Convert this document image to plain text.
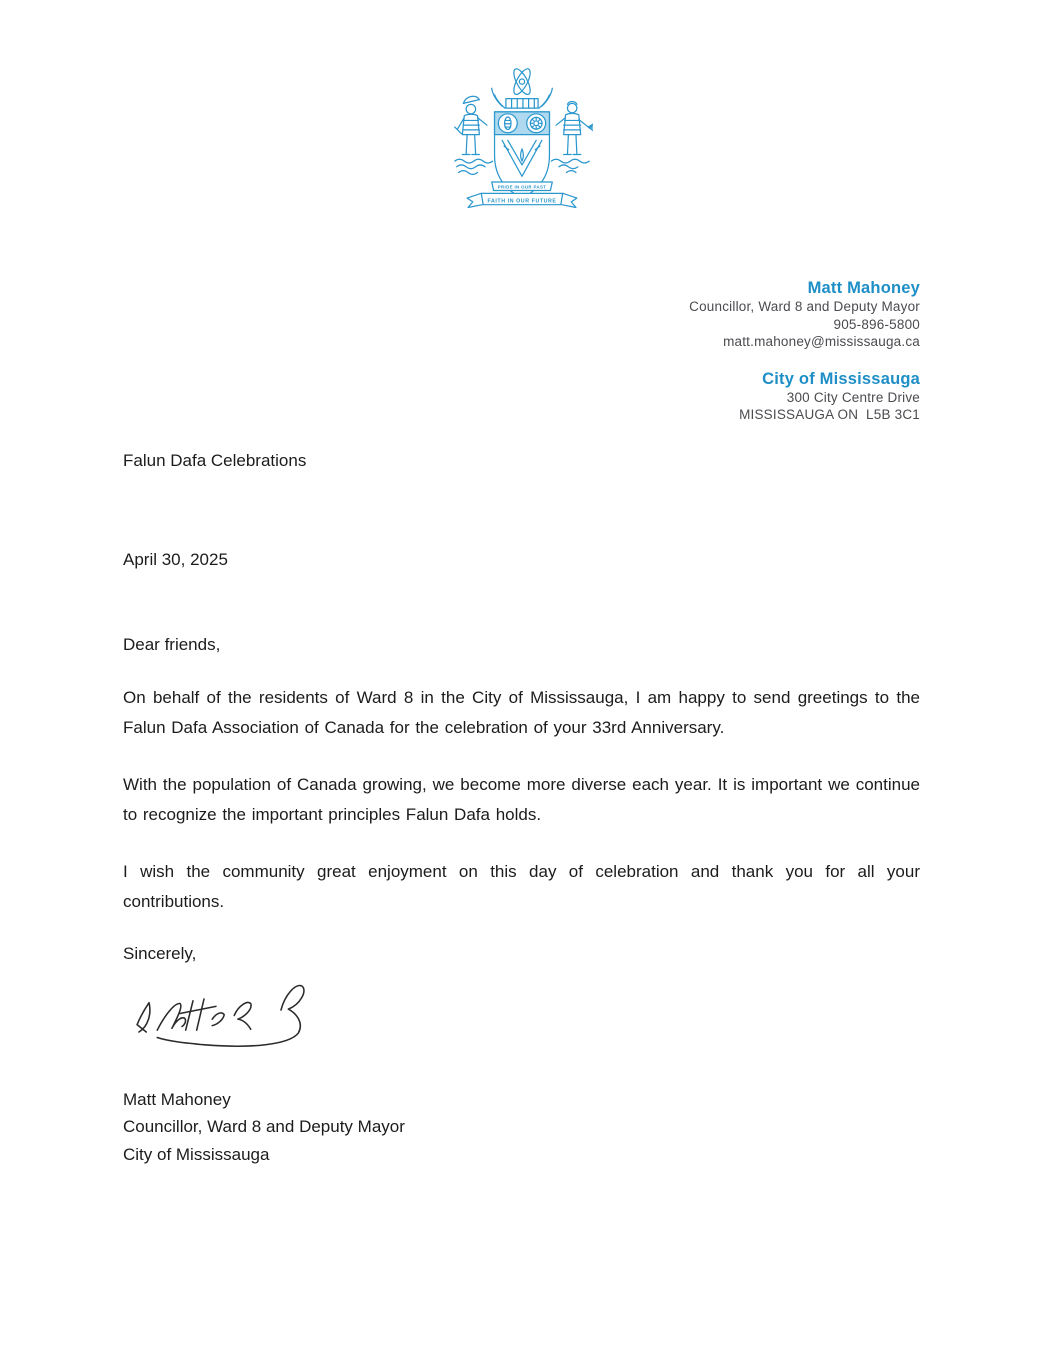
PRIDE IN OUR PAST
FAITH IN OUR FUTURE
Matt Mahoney
Councillor, Ward 8 and Deputy Mayor
905-896-5800
matt.mahoney@mississauga.ca
City of Mississauga
300 City Centre Drive
MISSISSAUGA ON  L5B 3C1
Falun Dafa Celebrations
April 30, 2025
Dear friends,

On behalf of the residents of Ward 8 in the City of Mississauga, I am happy to send greetings to the Falun Dafa Association of Canada for the celebration of your 33rd Anniversary.

With the population of Canada growing, we become more diverse each year. It is important we continue to recognize the important principles Falun Dafa holds.

I wish the community great enjoyment on this day of celebration and thank you for all your contributions.

Sincerely,
Matt Mahoney
Councillor, Ward 8 and Deputy Mayor
City of Mississauga
